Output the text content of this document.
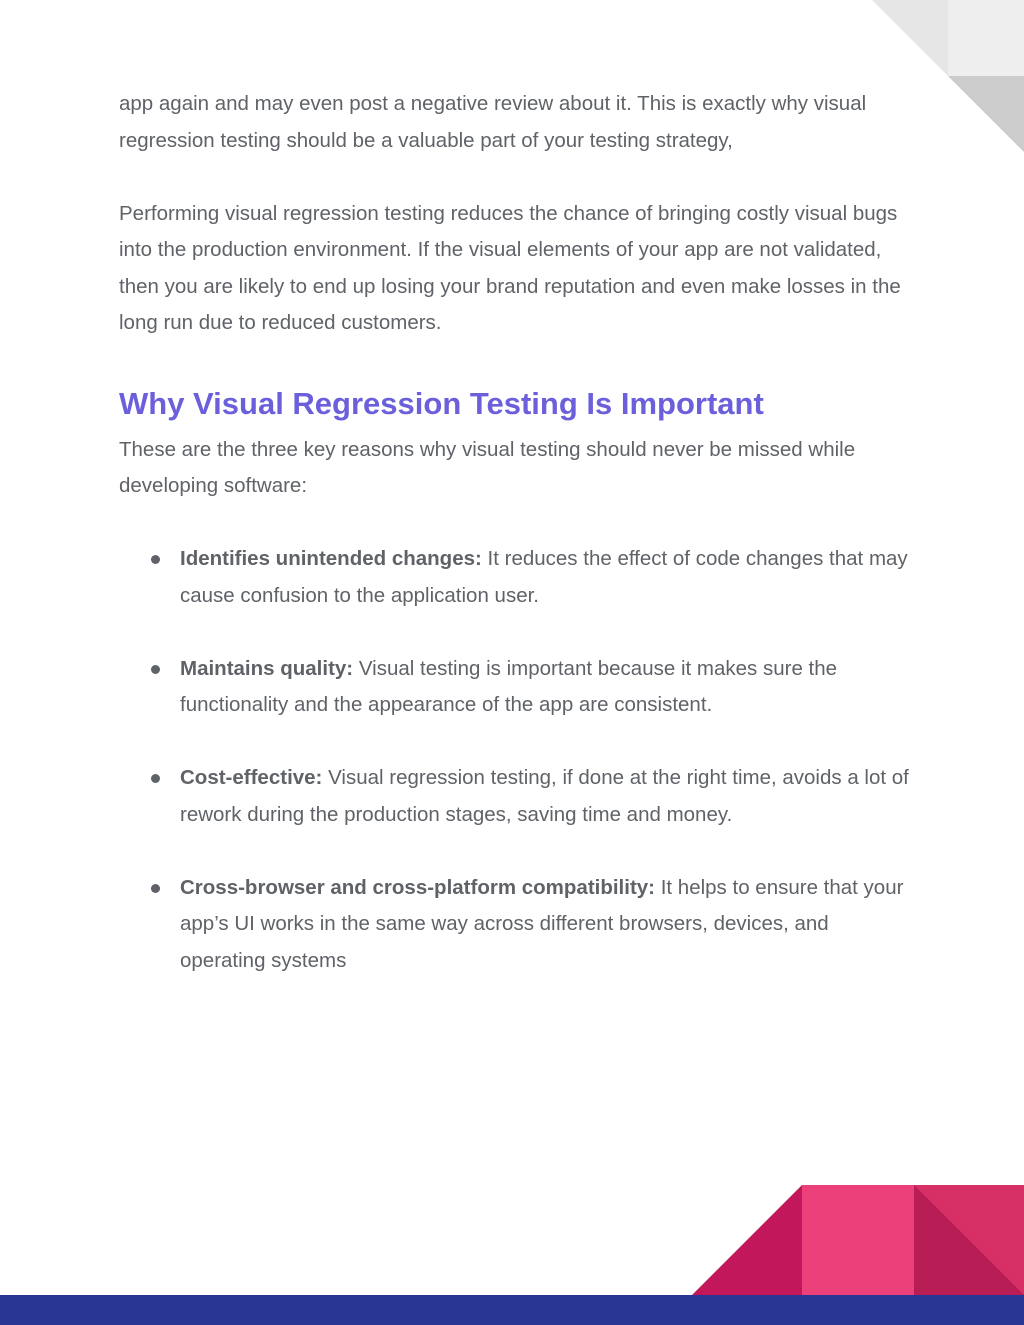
app again and may even post a negative review about it. This is exactly why visual regression testing should be a valuable part of your testing strategy,

Performing visual regression testing reduces the chance of bringing costly visual bugs into the production environment. If the visual elements of your app are not validated, then you are likely to end up losing your brand reputation and even make losses in the long run due to reduced customers.

Why Visual Regression Testing Is Important

These are the three key reasons why visual testing should never be missed while developing software:

Identifies unintended changes: It reduces the effect of code changes that may cause confusion to the application user.
Maintains quality: Visual testing is important because it makes sure the functionality and the appearance of the app are consistent.
Cost-effective: Visual regression testing, if done at the right time, avoids a lot of rework during the production stages, saving time and money.
Cross-browser and cross-platform compatibility: It helps to ensure that your app’s UI works in the same way across different browsers, devices, and operating systems
